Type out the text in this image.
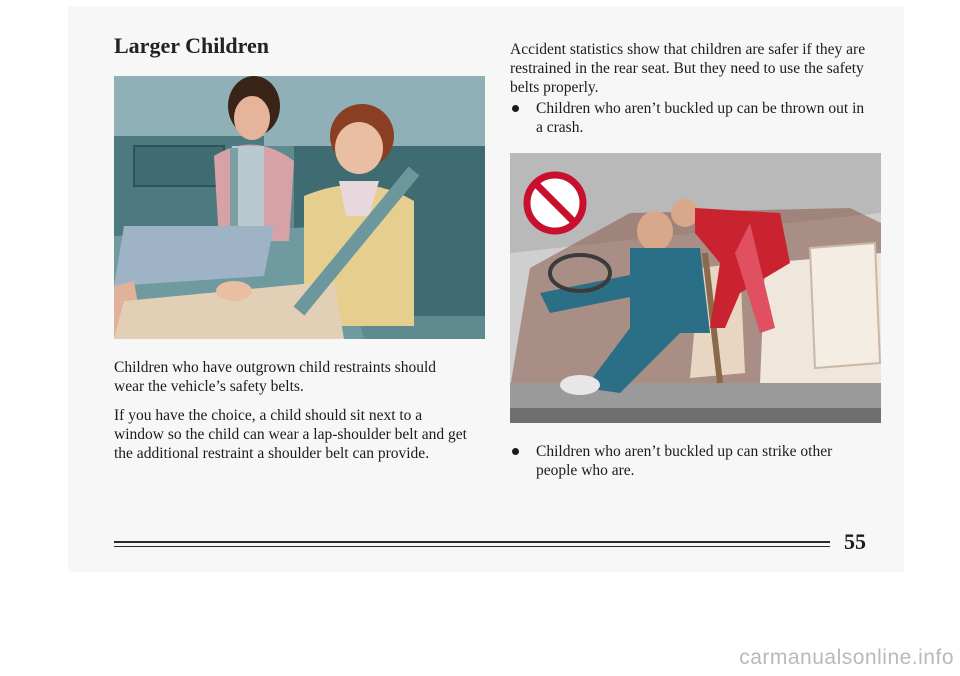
Larger Children

Children who have outgrown child restraints should wear the vehicle’s safety belts.

If you have the choice, a child should sit next to a window so the child can wear a lap-shoulder belt and get the additional restraint a shoulder belt can provide.

Accident statistics show that children are safer if they are restrained in the rear seat. But they need to use the safety belts properly.

Children who aren’t buckled up can be thrown out in a crash.
Children who aren’t buckled up can strike other people who are.
55
carmanualsonline.info
